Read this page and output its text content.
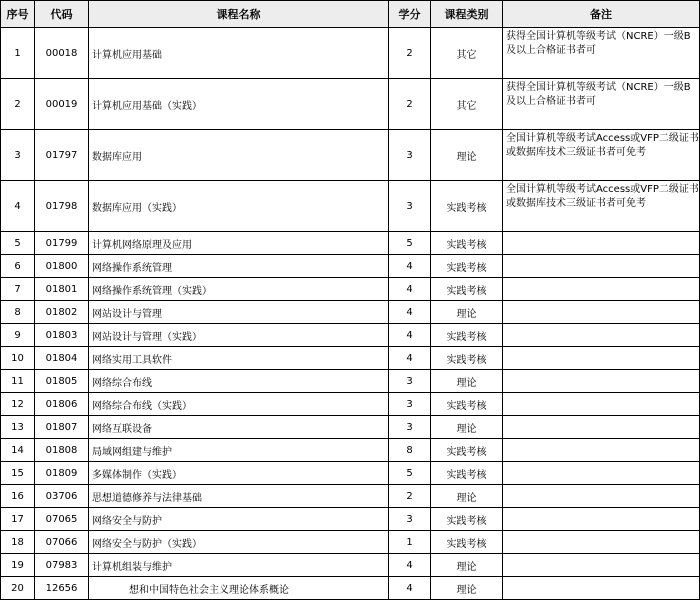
序号	代码	课程名称	学分	课程类别	备注
1	00018	计算机应用基础	2	其它	获得全国计算机等级考试（NCRE）一级B及以上合格证书者可
2	00019	计算机应用基础（实践）	2	其它	获得全国计算机等级考试（NCRE）一级B及以上合格证书者可
3	01797	数据库应用	3	理论	全国计算机等级考试Access或VFP二级证书或数据库技术三级证书者可免考
4	01798	数据库应用（实践）	3	实践考核	全国计算机等级考试Access或VFP二级证书或数据库技术三级证书者可免考
5	01799	计算机网络原理及应用	5	实践考核	
6	01800	网络操作系统管理	4	实践考核	
7	01801	网络操作系统管理（实践）	4	实践考核	
8	01802	网站设计与管理	4	理论	
9	01803	网站设计与管理（实践）	4	实践考核	
10	01804	网络实用工具软件	4	实践考核	
11	01805	网络综合布线	3	理论	
12	01806	网络综合布线（实践）	3	实践考核	
13	01807	网络互联设备	3	理论	
14	01808	局域网组建与维护	8	实践考核	
15	01809	多媒体制作（实践）	5	实践考核	
16	03706	思想道德修养与法律基础	2	理论	
17	07065	网络安全与防护	3	实践考核	
18	07066	网络安全与防护（实践）	1	实践考核	
19	07983	计算机组装与维护	4	理论	
20	12656	想和中国特色社会主义理论体系概论	4	理论	
